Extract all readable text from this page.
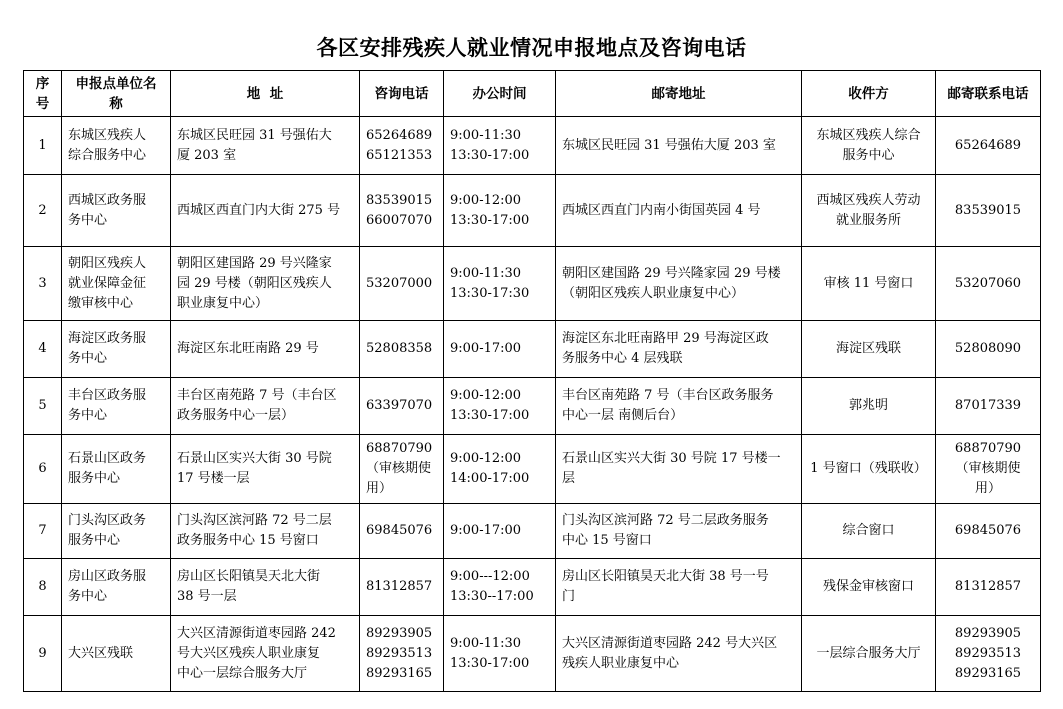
各区安排残疾人就业情况申报地点及咨询电话
序
号	申报点单位名
称	地  址	咨询电话	办公时间	邮寄地址	收件方	邮寄联系电话
1	东城区残疾人
综合服务中心	东城区民旺园 31 号强佑大
厦 203 室	65264689
65121353	9:00-11:30
13:30-17:00	东城区民旺园 31 号强佑大厦 203 室	东城区残疾人综合
服务中心	65264689
2	西城区政务服
务中心	西城区西直门内大街 275 号	83539015
66007070	9:00-12:00
13:30-17:00	西城区西直门内南小街国英园 4 号	西城区残疾人劳动
就业服务所	83539015
3	朝阳区残疾人
就业保障金征
缴审核中心	朝阳区建国路 29 号兴隆家
园 29 号楼（朝阳区残疾人
职业康复中心）	53207000	9:00-11:30
13:30-17:30	朝阳区建国路 29 号兴隆家园 29 号楼
（朝阳区残疾人职业康复中心）	审核 11 号窗口	53207060
4	海淀区政务服
务中心	海淀区东北旺南路 29 号	52808358	9:00-17:00	海淀区东北旺南路甲 29 号海淀区政
务服务中心 4 层残联	海淀区残联	52808090
5	丰台区政务服
务中心	丰台区南苑路 7 号（丰台区
政务服务中心一层）	63397070	9:00-12:00
13:30-17:00	丰台区南苑路 7 号（丰台区政务服务
中心一层 南侧后台）	郭兆明	87017339
6	石景山区政务
服务中心	石景山区实兴大街 30 号院
17 号楼一层	68870790
（审核期使
用）	9:00-12:00
14:00-17:00	石景山区实兴大街 30 号院 17 号楼一
层	1 号窗口（残联收）	68870790
（审核期使
用）
7	门头沟区政务
服务中心	门头沟区滨河路 72 号二层
政务服务中心 15 号窗口	69845076	9:00-17:00	门头沟区滨河路 72 号二层政务服务
中心 15 号窗口	综合窗口	69845076
8	房山区政务服
务中心	房山区长阳镇昊天北大街
38 号一层	81312857	9:00---12:00
13:30--17:00	房山区长阳镇昊天北大街 38 号一号
门	残保金审核窗口	81312857
9	大兴区残联	大兴区清源街道枣园路 242
号大兴区残疾人职业康复
中心一层综合服务大厅	89293905
89293513
89293165	9:00-11:30
13:30-17:00	大兴区清源街道枣园路 242 号大兴区
残疾人职业康复中心	一层综合服务大厅	89293905
89293513
89293165
